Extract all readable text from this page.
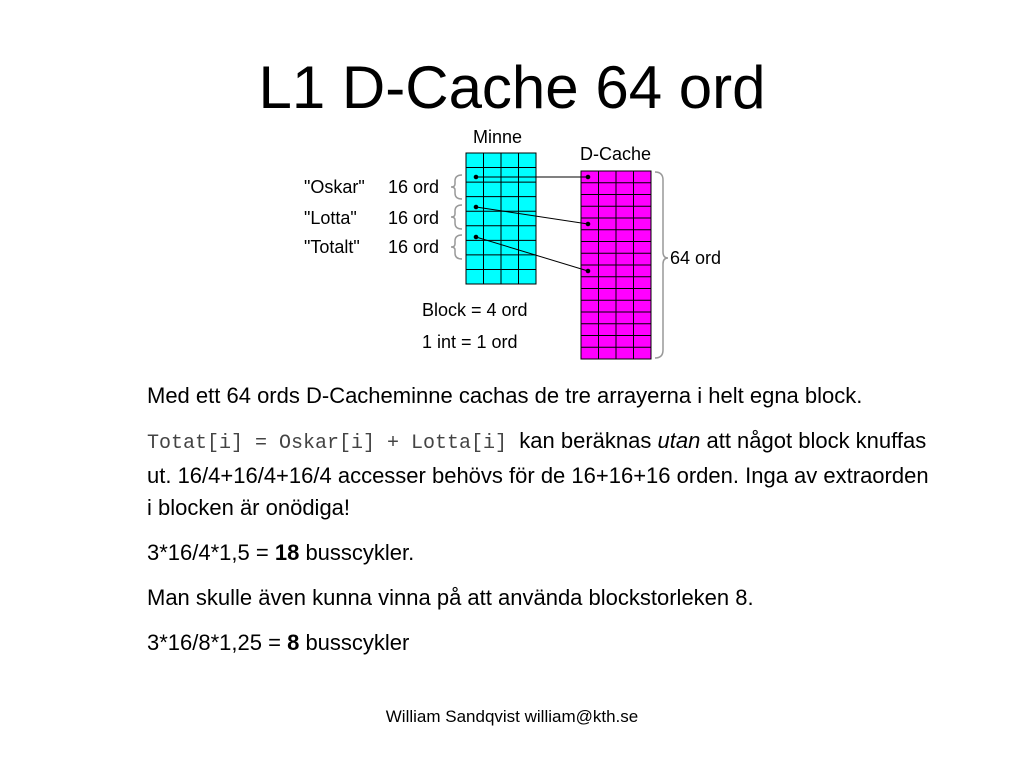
L1 D-Cache 64 ord
Minne
D-Cache
"Oskar" 16 ord
"Lotta" 16 ord
"Totalt" 16 ord
64 ord
Block = 4 ord
1 int = 1 ord

Med ett 64 ords D-Cacheminne cachas de tre arrayerna i helt egna block.

Totat[i] = Oskar[i] + Lotta[i] kan beräknas utan att något block knuffas ut. 16/4+16/4+16/4 accesser behövs för de 16+16+16 orden. Inga av extraorden i blocken är onödiga!

3*16/4*1,5 = 18 busscykler.

Man skulle även kunna vinna på att använda blockstorleken 8.

3*16/8*1,25 = 8 busscykler

William Sandqvist william@kth.se
